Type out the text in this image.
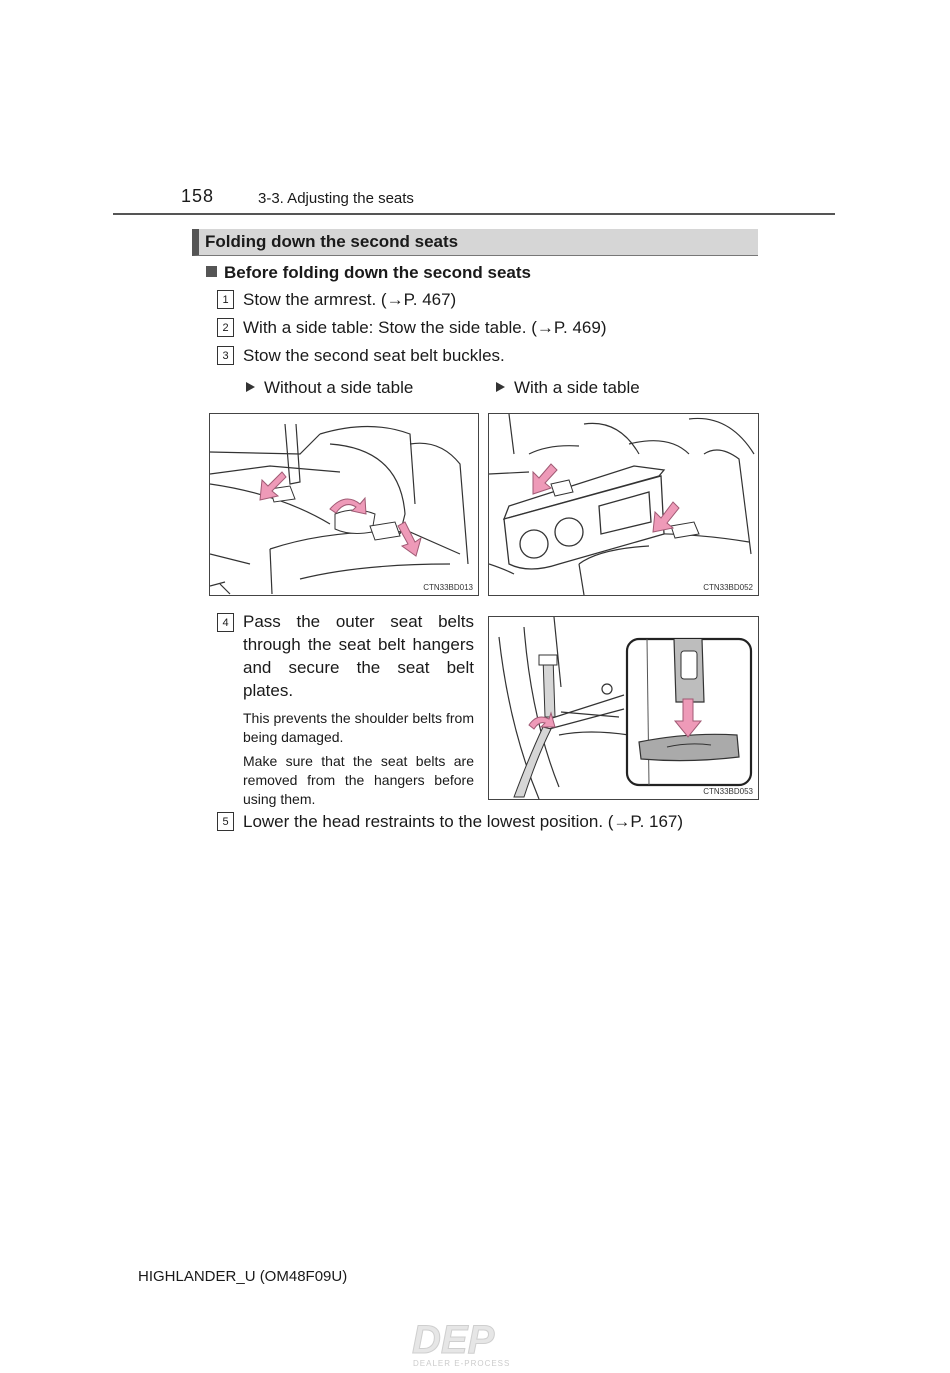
158	3-3. Adjusting the seats
Folding down the second seats
Before folding down the second seats
1 Stow the armrest. (→P. 467)
2 With a side table: Stow the side table. (→P. 469)
3 Stow the second seat belt buckles.
Without a side table	With a side table
CTN33BD013	CTN33BD052
4 Pass the outer seat belts through the seat belt hangers and secure the seat belt plates.
This prevents the shoulder belts from being damaged.
Make sure that the seat belts are removed from the hangers before using them.	CTN33BD053
5 Lower the head restraints to the lowest position. (→P. 167)
HIGHLANDER_U (OM48F09U)
DEP
DEALER E-PROCESS
